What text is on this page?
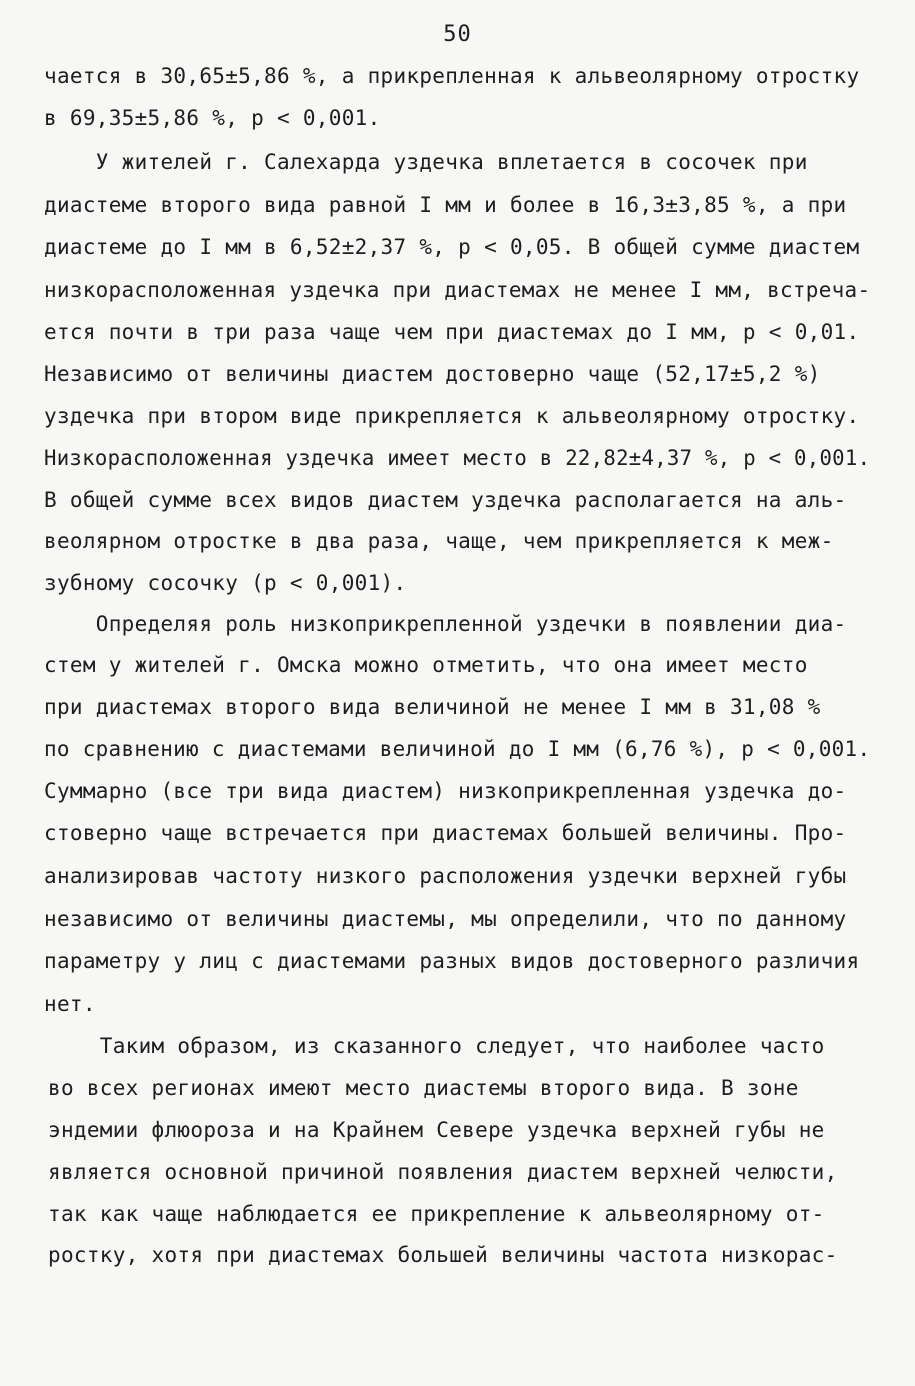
50
чается в 30,65±5,86 %, а прикрепленная к альвеолярному отростку
в 69,35±5,86 %, р < 0,001.
У жителей г. Салехарда уздечка вплетается в сосочек при
диастеме второго вида равной I мм и более в 16,3±3,85 %, а при
диастеме до I мм в 6,52±2,37 %, р < 0,05. В общей сумме диастем
низкорасположенная уздечка при диастемах не менее I мм, встреча-
ется почти в три раза чаще чем при диастемах до I мм, р < 0,01.
Независимо от величины диастем достоверно чаще (52,17±5,2 %)
уздечка при втором виде прикрепляется к альвеолярному отростку.
Низкорасположенная уздечка имеет место в 22,82±4,37 %, р < 0,001.
В общей сумме всех видов диастем уздечка располагается на аль-
веолярном отростке в два раза, чаще, чем прикрепляется к меж-
зубному сосочку (р < 0,001).
Определяя роль низкоприкрепленной уздечки в появлении диа-
стем у жителей г. Омска можно отметить, что она имеет место
при диастемах второго вида величиной не менее I мм в 31,08 %
по сравнению с диастемами величиной до I мм (6,76 %), р < 0,001.
Суммарно (все три вида диастем) низкоприкрепленная уздечка до-
стоверно чаще встречается при диастемах большей величины. Про-
анализировав частоту низкого расположения уздечки верхней губы
независимо от величины диастемы, мы определили, что по данному
параметру у лиц с диастемами разных видов достоверного различия
нет.
Таким образом, из сказанного следует, что наиболее часто
во всех регионах имеют место диастемы второго вида. В зоне
эндемии флюороза и на Крайнем Севере уздечка верхней губы не
является основной причиной появления диастем верхней челюсти,
так как чаще наблюдается ее прикрепление к альвеолярному от-
ростку, хотя при диастемах большей величины частота низкорас-
